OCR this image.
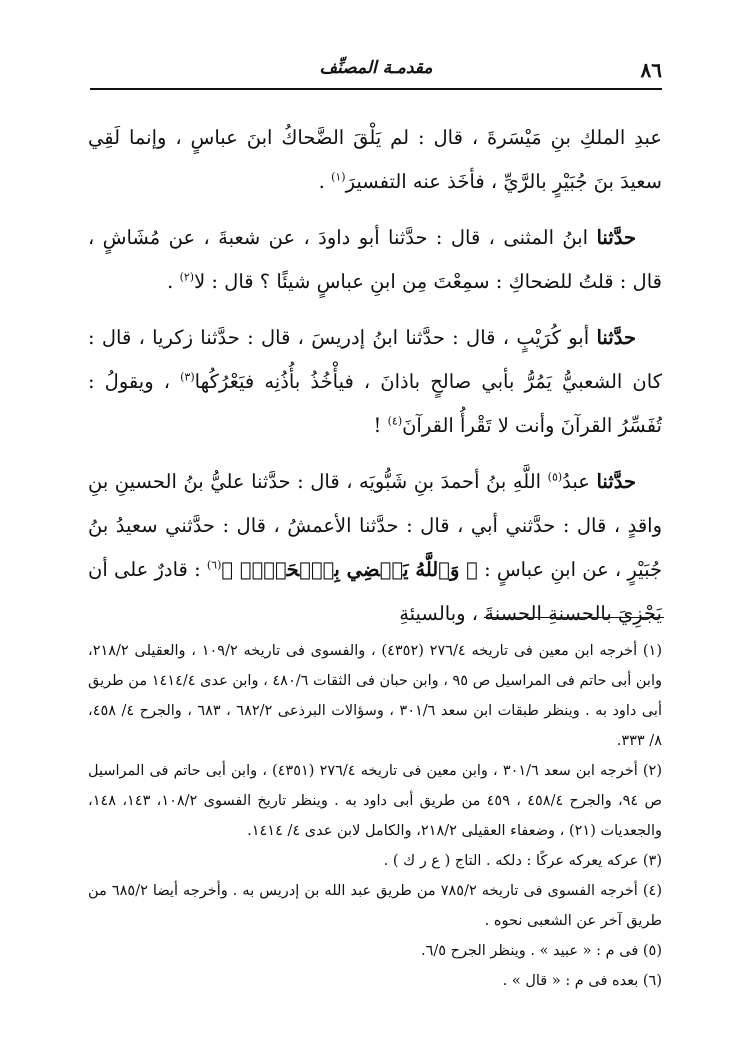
٨٦
مقدمـة المصنِّف

عبدِ الملكِ بنِ مَيْسَرةَ ، قال : لم يَلْقَ الضَّحاكُ ابنَ عباسٍ ، وإنما لَقِي سعيدَ بنَ جُبَيْرٍ بالرَّيِّ ، فأخَذ عنه التفسيرَ$^{(١)}$ .

حدَّثنا ابنُ المثنى ، قال : حدَّثنا أبو داودَ ، عن شعبةَ ، عن مُشَاشٍ ، قال : قلتُ للضحاكِ : سمِعْتَ مِن ابنِ عباسٍ شيئًا ؟ قال : لا$^{(٢)}$ .

حدَّثنا أبو كُرَيْبٍ ، قال : حدَّثنا ابنُ إدريسَ ، قال : حدَّثنا زكريا ، قال : كان الشعبيُّ يَمُرُّ بأبي صالحٍ باذانَ ، فيأْخُذُ بأُذُنِه فيَعْرُكُها$^{(٣)}$ ، ويقولُ : تُفَسِّرُ القرآنَ وأنت لا تَقْرأُ القرآنَ$^{(٤)}$ !

حدَّثنا عبدُ$^{(٥)}$ اللَّهِ بنُ أحمدَ بنِ شَبُّويَه ، قال : حدَّثنا عليُّ بنُ الحسينِ بنِ واقدٍ ، قال : حدَّثني أبي ، قال : حدَّثنا الأعمشُ ، قال : حدَّثني سعيدُ بنُ جُبَيْرٍ ، عن ابنِ عباسٍ : ﴿ وَٱللَّهُ يَقۡضِي بِٱلۡحَقِّۖ ﴾$^{(٦)}$ : قادرٌ على أن يَجْزِيَ بالحسنةِ الحسنةَ ، وبالسيئةِ

(١) أخرجه ابن معين فى تاريخه ٢٧٦/٤ (٤٣٥٢) ، والفسوى فى تاريخه ١٠٩/٢ ، والعقيلى ٢١٨/٢، وابن أبى حاتم فى المراسيل ص ٩٥ ، وابن حبان فى الثقات ٤٨٠/٦ ، وابن عدى ١٤١٤/٤ من طريق أبى داود به . وينظر طبقات ابن سعد ٣٠١/٦ ، وسؤالات البرذعى ٦٨٢/٢ ، ٦٨٣ ، والجرح ٤/ ٤٥٨، ٨/ ٣٣٣.

(٢) أخرجه ابن سعد ٣٠١/٦ ، وابن معين فى تاريخه ٢٧٦/٤ (٤٣٥١) ، وابن أبى حاتم فى المراسيل ص ٩٤، والجرح ٤٥٨/٤ ، ٤٥٩ من طريق أبى داود به . وينظر تاريخ الفسوى ١٠٨/٢، ١٤٣، ١٤٨، والجعديات (٢١) ، وضعفاء العقيلى ٢١٨/٢، والكامل لابن عدى ٤/ ١٤١٤.

(٣) عركه يعركه عركًا : دلكه . التاج ( ع ر ك ) .

(٤) أخرجه الفسوى فى تاريخه ٧٨٥/٢ من طريق عبد الله بن إدريس به . وأخرجه أيضا ٦٨٥/٢ من طريق آخر عن الشعبى نحوه .

(٥) فى م : « عبيد » . وينظر الجرح ٦/٥.

(٦) بعده فى م : « قال » .
